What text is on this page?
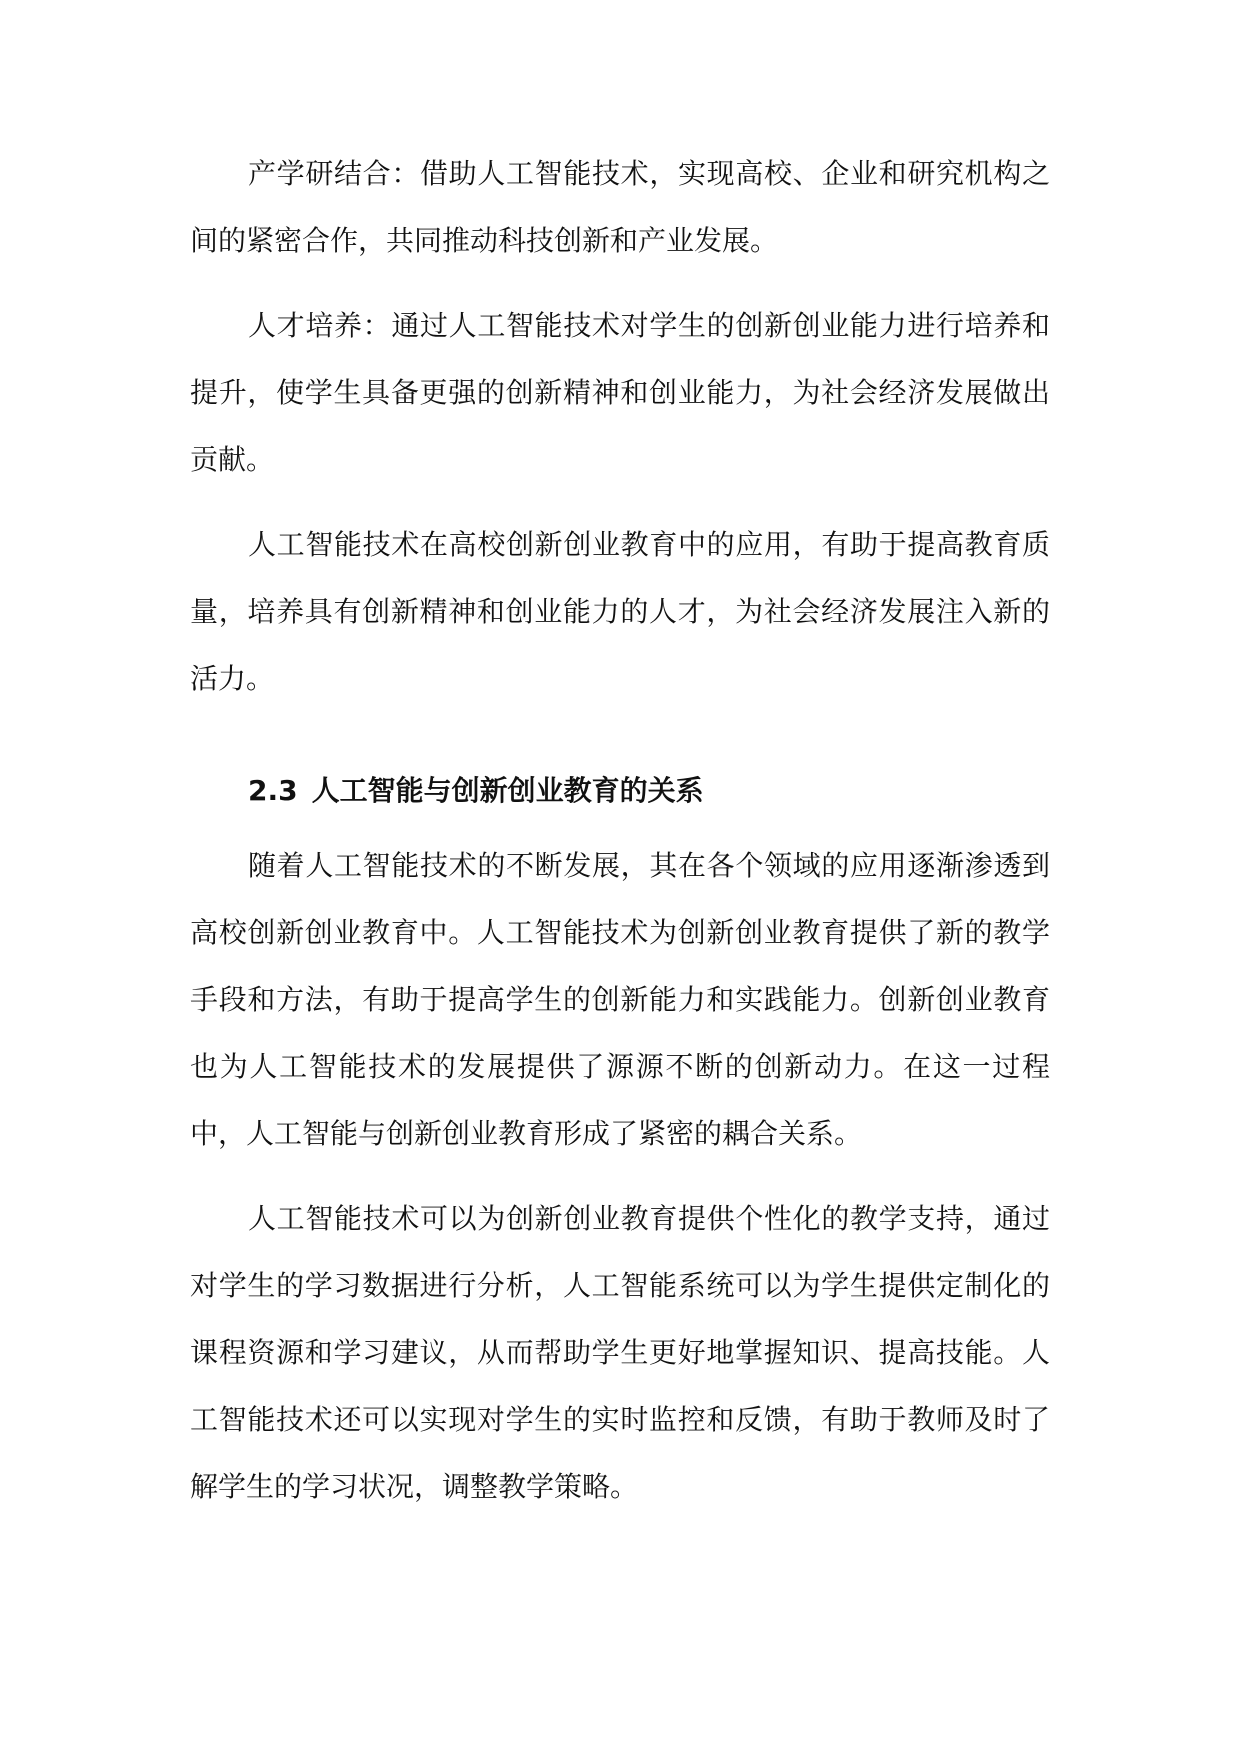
产学研结合：借助人工智能技术，实现高校、企业和研究机构之间的紧密合作，共同推动科技创新和产业发展。

人才培养：通过人工智能技术对学生的创新创业能力进行培养和提升，使学生具备更强的创新精神和创业能力，为社会经济发展做出贡献。

人工智能技术在高校创新创业教育中的应用，有助于提高教育质量，培养具有创新精神和创业能力的人才，为社会经济发展注入新的活力。

2.3 人工智能与创新创业教育的关系

随着人工智能技术的不断发展，其在各个领域的应用逐渐渗透到高校创新创业教育中。人工智能技术为创新创业教育提供了新的教学手段和方法，有助于提高学生的创新能力和实践能力。创新创业教育也为人工智能技术的发展提供了源源不断的创新动力。在这一过程中，人工智能与创新创业教育形成了紧密的耦合关系。

人工智能技术可以为创新创业教育提供个性化的教学支持，通过对学生的学习数据进行分析，人工智能系统可以为学生提供定制化的课程资源和学习建议，从而帮助学生更好地掌握知识、提高技能。人工智能技术还可以实现对学生的实时监控和反馈，有助于教师及时了解学生的学习状况，调整教学策略。
